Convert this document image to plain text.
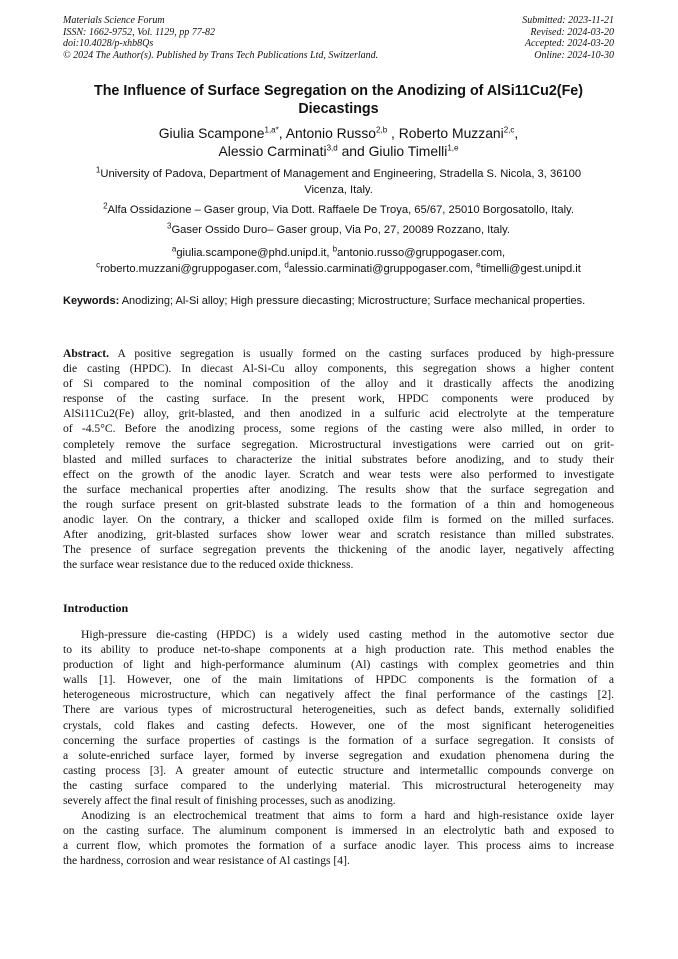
Materials Science Forum
ISSN: 1662-9752, Vol. 1129, pp 77-82
doi:10.4028/p-xhb8Qs
© 2024 The Author(s). Published by Trans Tech Publications Ltd, Switzerland.
Submitted: 2023-11-21
Revised: 2024-03-20
Accepted: 2024-03-20
Online: 2024-10-30
The Influence of Surface Segregation on the Anodizing of AlSi11Cu2(Fe)
Diecastings
Giulia Scampone$^{1,a*}$, Antonio Russo$^{2,b}$ , Roberto Muzzani$^{2,c}$,
Alessio Carminati$^{3,d}$ and Giulio Timelli$^{1,e}$
$^1$University of Padova, Department of Management and Engineering, Stradella S. Nicola, 3, 36100
Vicenza, Italy.
$^2$Alfa Ossidazione – Gaser group, Via Dott. Raffaele De Troya, 65/67, 25010 Borgosatollo, Italy.
$^3$Gaser Ossido Duro– Gaser group, Via Po, 27, 20089 Rozzano, Italy.
$^a$giulia.scampone@phd.unipd.it, $^b$antonio.russo@gruppogaser.com,
$^c$roberto.muzzani@gruppogaser.com, $^d$alessio.carminati@gruppogaser.com, $^e$timelli@gest.unipd.it
Keywords: Anodizing; Al-Si alloy; High pressure diecasting; Microstructure; Surface mechanical properties.
Abstract. A positive segregation is usually formed on the casting surfaces produced by high-pressure
die casting (HPDC). In diecast Al-Si-Cu alloy components, this segregation shows a higher content
of Si compared to the nominal composition of the alloy and it drastically affects the anodizing
response of the casting surface. In the present work, HPDC components were produced by
AlSi11Cu2(Fe) alloy, grit-blasted, and then anodized in a sulfuric acid electrolyte at the temperature
of -4.5°C. Before the anodizing process, some regions of the casting were also milled, in order to
completely remove the surface segregation. Microstructural investigations were carried out on grit-
blasted and milled surfaces to characterize the initial substrates before anodizing, and to study their
effect on the growth of the anodic layer. Scratch and wear tests were also performed to investigate
the surface mechanical properties after anodizing. The results show that the surface segregation and
the rough surface present on grit-blasted substrate leads to the formation of a thin and homogeneous
anodic layer. On the contrary, a thicker and scalloped oxide film is formed on the milled surfaces.
After anodizing, grit-blasted surfaces show lower wear and scratch resistance than milled substrates.
The presence of surface segregation prevents the thickening of the anodic layer, negatively affecting
the surface wear resistance due to the reduced oxide thickness.
Introduction
High-pressure die-casting (HPDC) is a widely used casting method in the automotive sector due
to its ability to produce net-to-shape components at a high production rate. This method enables the
production of light and high-performance aluminum (Al) castings with complex geometries and thin
walls [1]. However, one of the main limitations of HPDC components is the formation of a
heterogeneous microstructure, which can negatively affect the final performance of the castings [2].
There are various types of microstructural heterogeneities, such as defect bands, externally solidified
crystals, cold flakes and casting defects. However, one of the most significant heterogeneities
concerning the surface properties of castings is the formation of a surface segregation. It consists of
a solute-enriched surface layer, formed by inverse segregation and exudation phenomena during the
casting process [3]. A greater amount of eutectic structure and intermetallic compounds converge on
the casting surface compared to the underlying material. This microstructural heterogeneity may
severely affect the final result of finishing processes, such as anodizing.
Anodizing is an electrochemical treatment that aims to form a hard and high-resistance oxide layer
on the casting surface. The aluminum component is immersed in an electrolytic bath and exposed to
a current flow, which promotes the formation of a surface anodic layer. This process aims to increase
the hardness, corrosion and wear resistance of Al castings [4].
